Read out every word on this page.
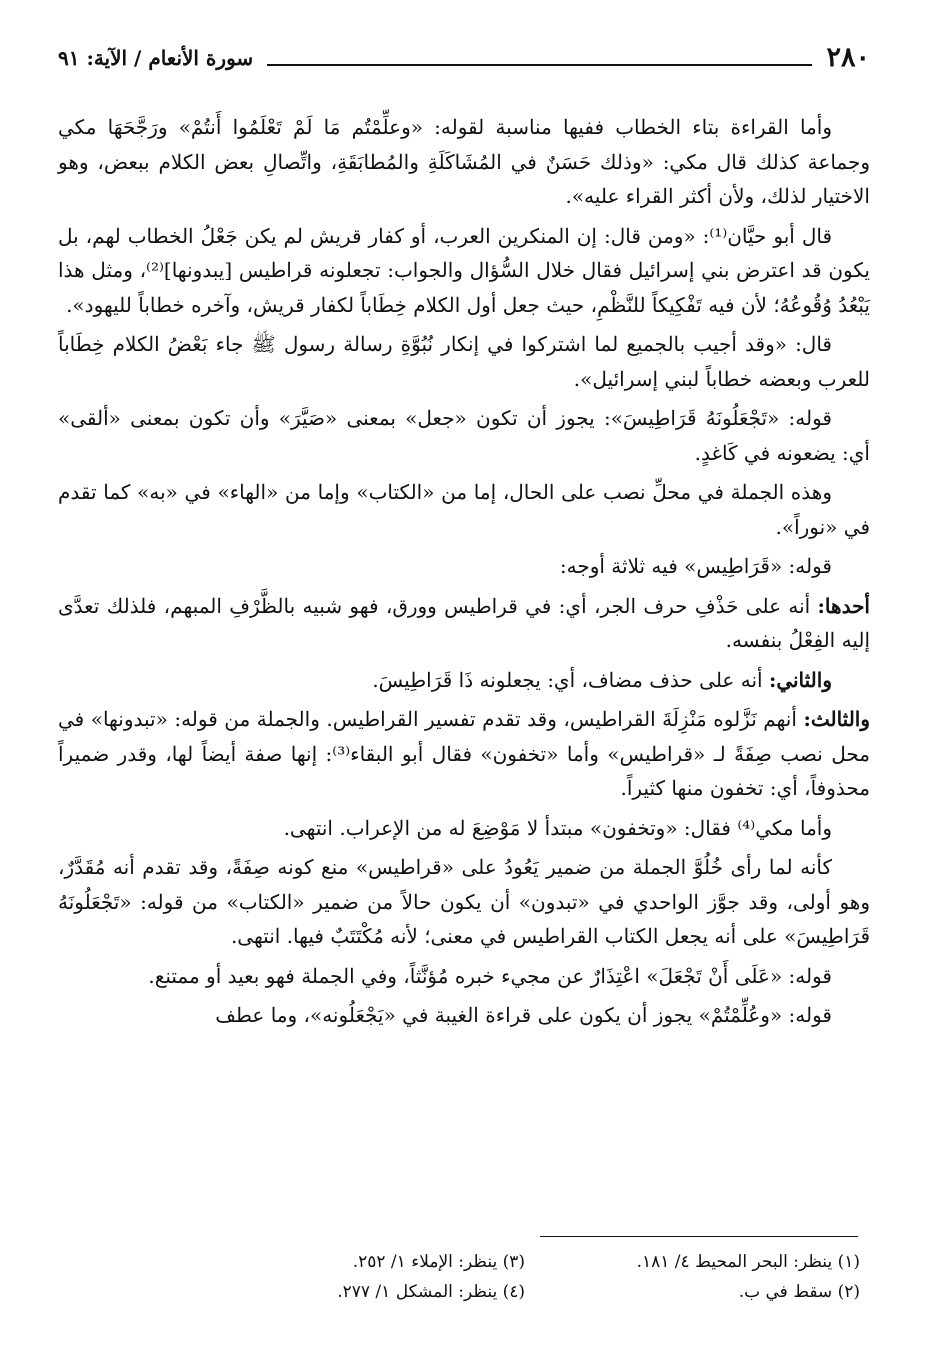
٢٨٠
سورة الأنعام / الآية: ٩١

وأما القراءة بتاء الخطاب ففيها مناسبة لقوله: «وعلِّمْتُم مَا لَمْ تَعْلَمُوا أَنتُمْ» ورَجَّحَهَا مكي وجماعة كذلك قال مكي: «وذلك حَسَنٌ في المُشَاكَلَةِ والمُطابَقَةِ، واتِّصالِ بعض الكلام ببعض، وهو الاختيار لذلك، ولأن أكثر القراء عليه».

قال أبو حيَّان⁽¹⁾: «ومن قال: إن المنكرين العرب، أو كفار قريش لم يكن جَعْلُ الخطاب لهم، بل يكون قد اعترض بني إسرائيل فقال خلال السُّؤال والجواب: تجعلونه قراطيس [يبدونها]⁽²⁾، ومثل هذا يَبْعُدُ وُقُوعُهُ؛ لأن فيه تَفْكِيكاً للنَّظْمِ، حيث جعل أول الكلام خِطَاباً لكفار قريش، وآخره خطاباً لليهود».

قال: «وقد أجيب بالجميع لما اشتركوا في إنكار نُبُوَّةِ رسالة رسول ﷺ جاء بَعْضُ الكلام خِطَاباً للعرب وبعضه خطاباً لبني إسرائيل».

قوله: «تَجْعَلُونَهُ قَرَاطِيسَ»: يجوز أن تكون «جعل» بمعنى «صَيَّرَ» وأن تكون بمعنى «ألقى» أي: يضعونه في كَاغدٍ.

وهذه الجملة في محلِّ نصب على الحال، إما من «الكتاب» وإما من «الهاء» في «به» كما تقدم في «نوراً».

قوله: «قَرَاطِيس» فيه ثلاثة أوجه:

أحدها: أنه على حَذْفِ حرف الجر، أي: في قراطيس وورق، فهو شبيه بالظَّرْفِ المبهم، فلذلك تعدَّى إليه الفِعْلُ بنفسه.

والثاني: أنه على حذف مضاف، أي: يجعلونه ذَا قَرَاطِيسَ.

والثالث: أنهم نَزَّلوه مَنْزِلَةَ القراطيس، وقد تقدم تفسير القراطيس. والجملة من قوله: «تبدونها» في محل نصب صِفَةً لـ «قراطيس» وأما «تخفون» فقال أبو البقاء⁽³⁾: إنها صفة أيضاً لها، وقدر ضميراً محذوفاً، أي: تخفون منها كثيراً.

وأما مكي⁽⁴⁾ فقال: «وتخفون» مبتدأ لا مَوْضِعَ له من الإعراب. انتهى.

كأنه لما رأى خُلُوَّ الجملة من ضمير يَعُودُ على «قراطيس» منع كونه صِفَةً، وقد تقدم أنه مُقَدَّرٌ، وهو أولى، وقد جوَّز الواحدي في «تبدون» أن يكون حالاً من ضمير «الكتاب» من قوله: «تَجْعَلُونَهُ قَرَاطِيسَ» على أنه يجعل الكتاب القراطيس في معنى؛ لأنه مُكْتَتَبٌ فيها. انتهى.

قوله: «عَلَى أَنْ تَجْعَلَ» اعْتِذَارٌ عن مجيء خبره مُؤنَّثاً، وفي الجملة فهو بعيد أو ممتنع.

قوله: «وعُلِّمْتُمْ» يجوز أن يكون على قراءة الغيبة في «يَجْعَلُونه»، وما عطف

(١) ينظر: البحر المحيط ٤/ ١٨١.
(٣) ينظر: الإملاء ١/ ٢٥٢.
(٢) سقط في ب.
(٤) ينظر: المشكل ١/ ٢٧٧.
